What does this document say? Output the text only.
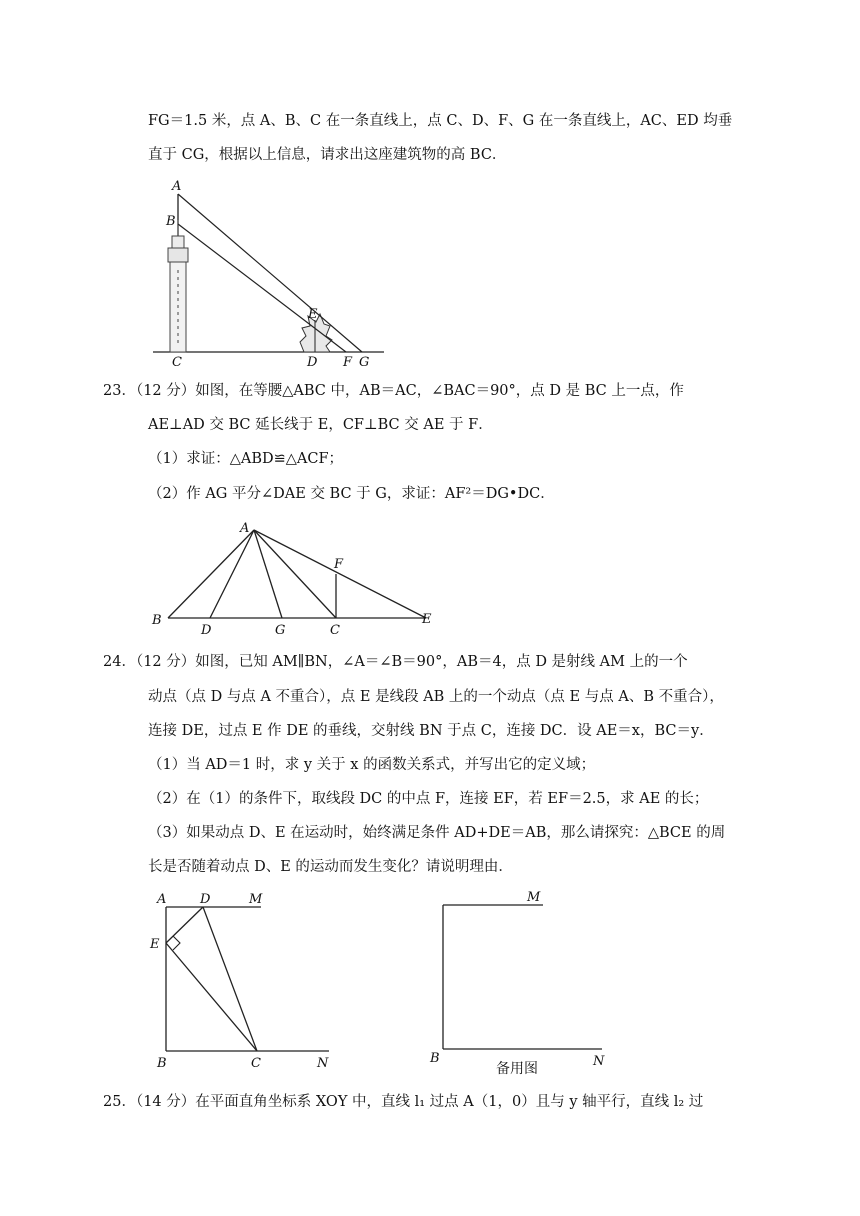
FG＝1.5 米，点 A、B、C 在一条直线上，点 C、D、F、G 在一条直线上，AC、ED 均垂
直于 CG，根据以上信息，请求出这座建筑物的高 BC．
A
B
C	D
E
F G
23．（12 分）如图，在等腰△ABC 中，AB＝AC，∠BAC＝90°，点 D 是 BC 上一点，作
AE⊥AD 交 BC 延长线于 E，CF⊥BC 交 AE 于 F．
（1）求证：△ABD≌△ACF；
（2）作 AG 平分∠DAE 交 BC 于 G，求证：AF²＝DG•DC．
A
B
D	G	C
F
E
24．（12 分）如图，已知 AM∥BN，∠A＝∠B＝90°，AB＝4，点 D 是射线 AM 上的一个
动点（点 D 与点 A 不重合），点 E 是线段 AB 上的一个动点（点 E 与点 A、B 不重合），
连接 DE，过点 E 作 DE 的垂线，交射线 BN 于点 C，连接 DC．设 AE＝x，BC＝y．
（1）当 AD＝1 时，求 y 关于 x 的函数关系式，并写出它的定义域；
（2）在（1）的条件下，取线段 DC 的中点 F，连接 EF，若 EF＝2.5，求 AE 的长；
（3）如果动点 D、E 在运动时，始终满足条件 AD+DE＝AB，那么请探究：△BCE 的周
长是否随着动点 D、E 的运动而发生变化？请说明理由．
A	D	M
E
B	C	N
M
B	N
备用图
25．（14 分）在平面直角坐标系 XOY 中，直线 l₁ 过点 A（1，0）且与 y 轴平行，直线 l₂ 过
